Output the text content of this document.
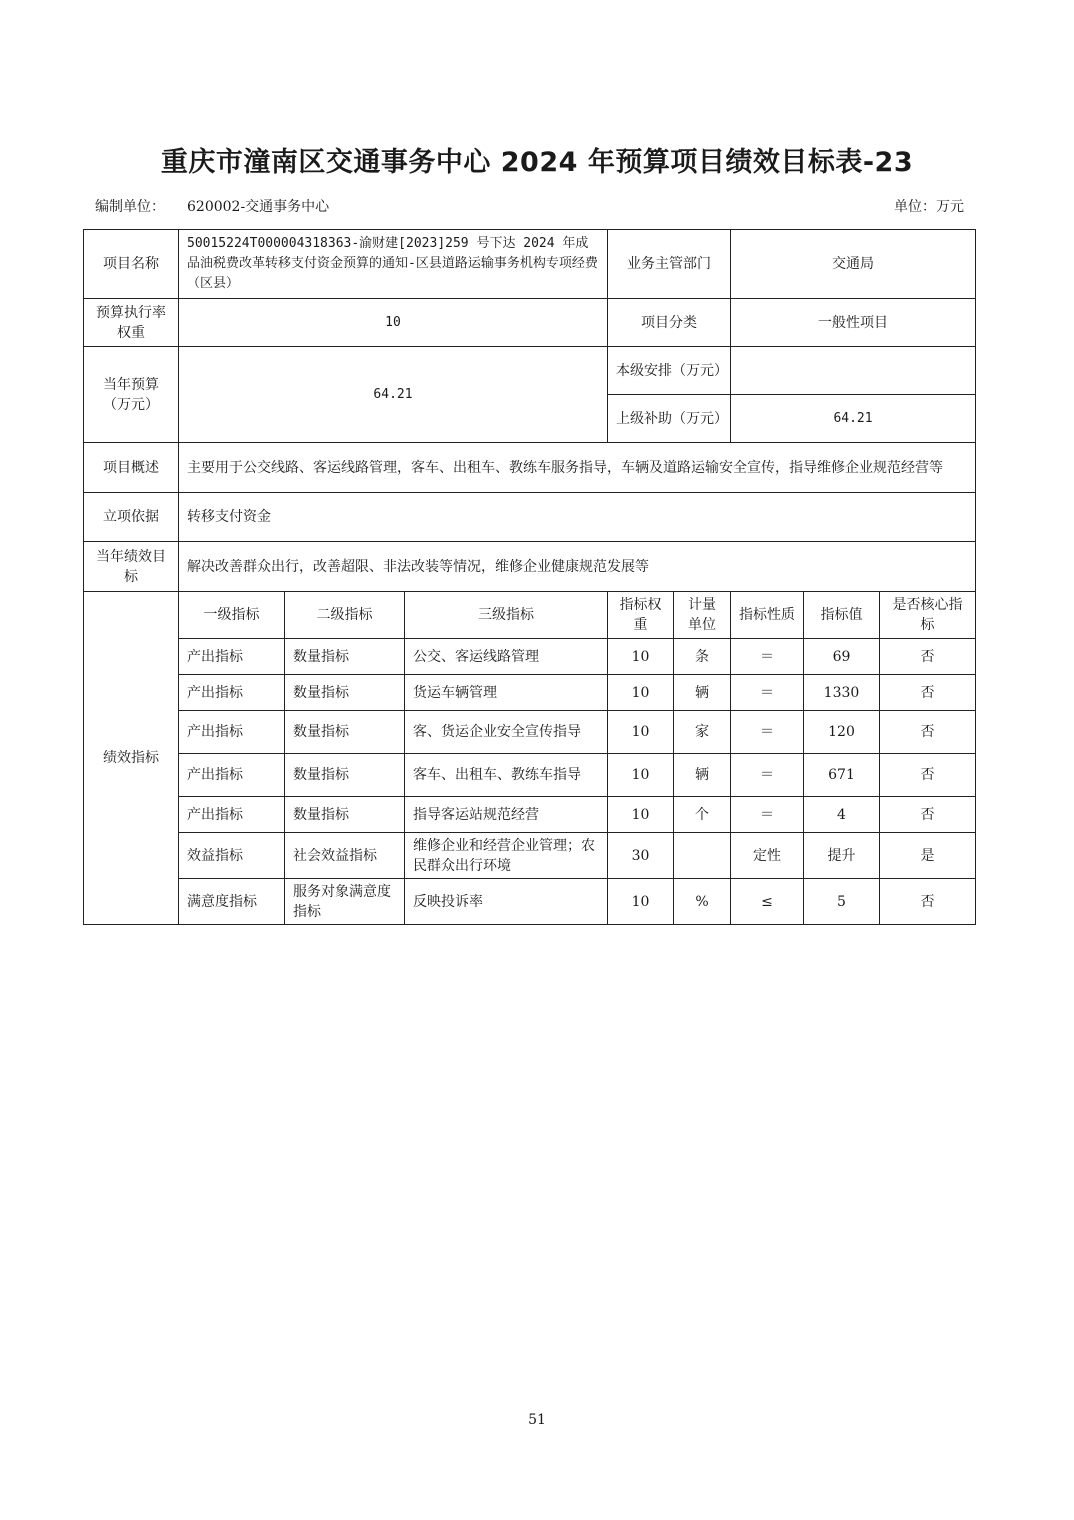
重庆市潼南区交通事务中心 2024 年预算项目绩效目标表-23
编制单位： 620002-交通事务中心	单位：万元
项目名称	50015224T000004318363-渝财建[2023]259 号下达 2024 年成品油税费改革转移支付资金预算的通知-区县道路运输事务机构专项经费（区县）			业务主管部门		交通局		
预算执行率权重	10			项目分类		一般性项目		
当年预算（万元）	64.21			本级安排（万元）				
				上级补助（万元）		64.21		
项目概述	主要用于公交线路、客运线路管理，客车、出租车、教练车服务指导，车辆及道路运输安全宣传，指导维修企业规范经营等							
立项依据	转移支付资金							
当年绩效目标	解决改善群众出行，改善超限、非法改装等情况，维修企业健康规范发展等							
绩效指标	一级指标	二级指标	三级指标	指标权重	计量单位	指标性质	指标值	是否核心指标
	产出指标	数量指标	公交、客运线路管理	10	条	＝	69	否
	产出指标	数量指标	货运车辆管理	10	辆	＝	1330	否
	产出指标	数量指标	客、货运企业安全宣传指导	10	家	＝	120	否
	产出指标	数量指标	客车、出租车、教练车指导	10	辆	＝	671	否
	产出指标	数量指标	指导客运站规范经营	10	个	＝	4	否
	效益指标	社会效益指标	维修企业和经营企业管理；农民群众出行环境	30		定性	提升	是
	满意度指标	服务对象满意度指标	反映投诉率	10	%	≤	5	否
51
